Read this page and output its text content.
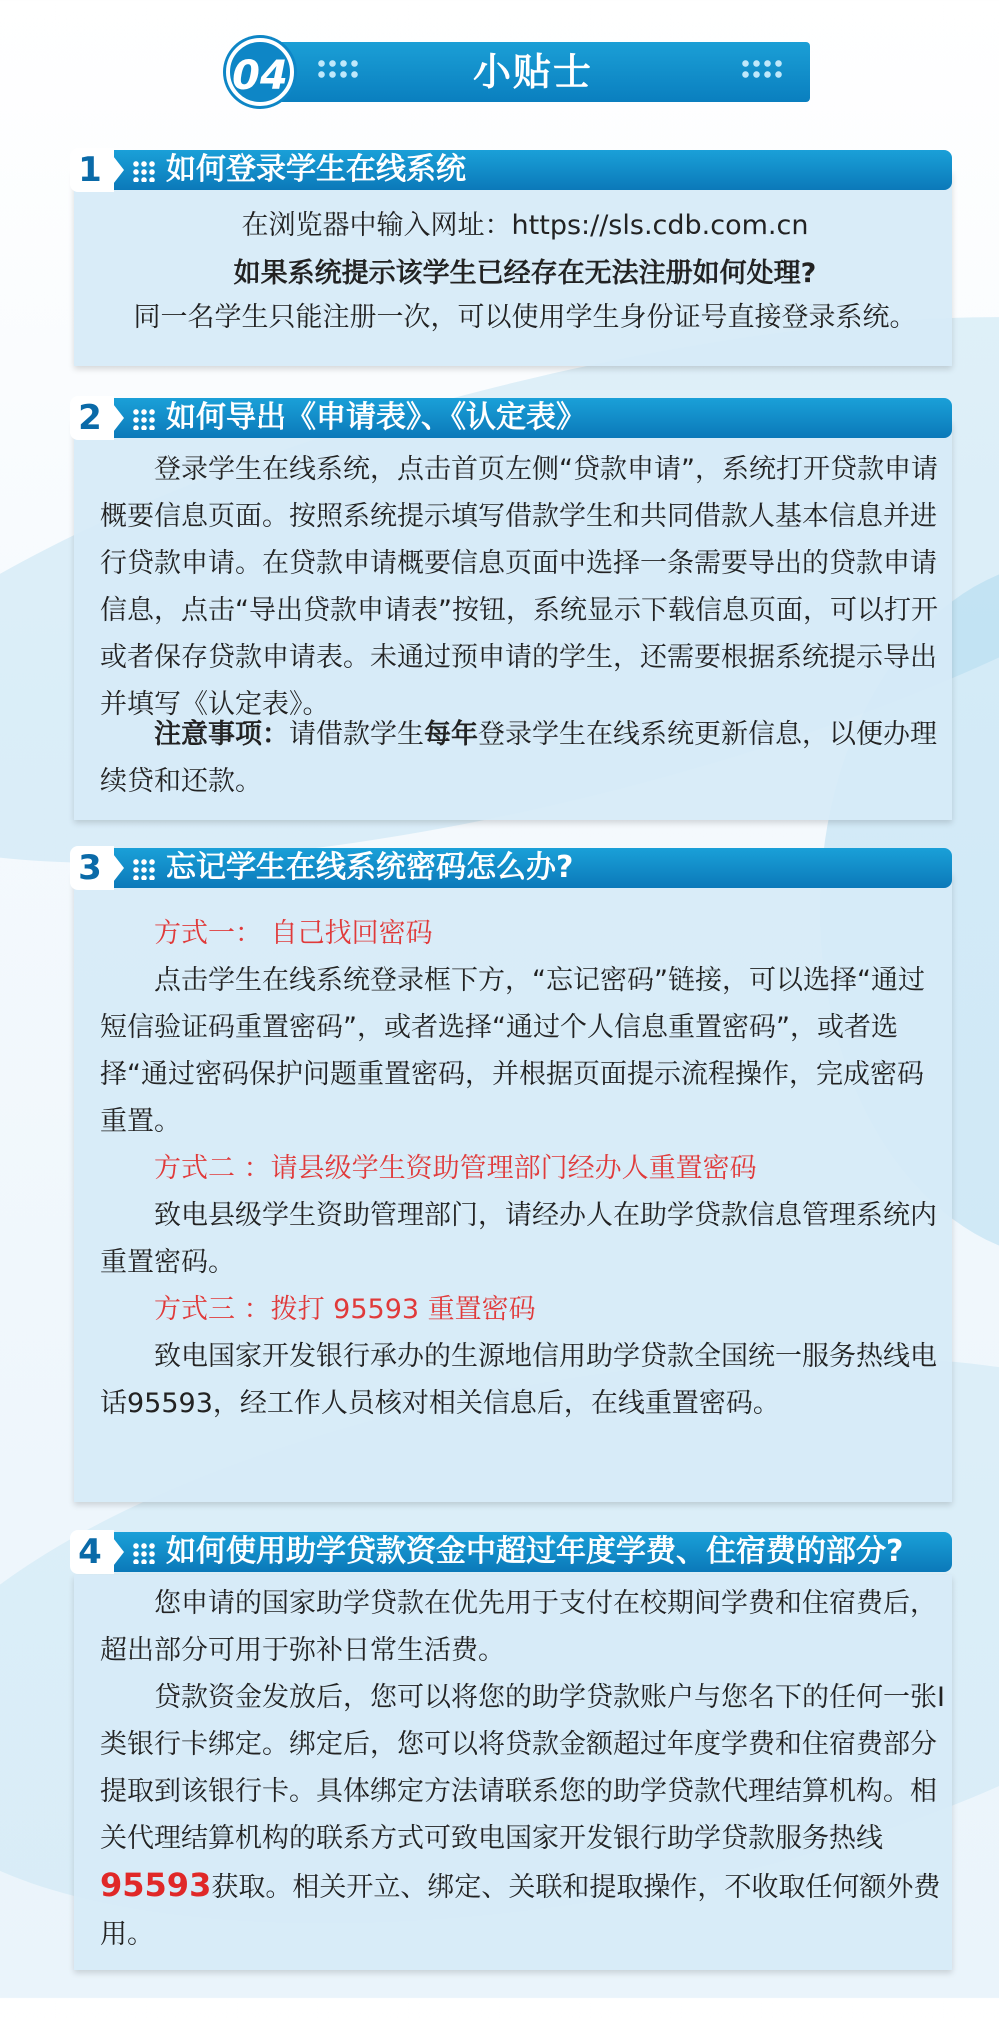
小贴士
04
1 如何登录学生在线系统
在浏览器中输入网址：https://sls.cdb.com.cn
如果系统提示该学生已经存在无法注册如何处理?
同一名学生只能注册一次，可以使用学生身份证号直接登录系统。
2 如何导出《申请表》、《认定表》
登录学生在线系统，点击首页左侧“贷款申请”，系统打开贷款申请概要信息页面。按照系统提示填写借款学生和共同借款人基本信息并进行贷款申请。在贷款申请概要信息页面中选择一条需要导出的贷款申请信息，点击“导出贷款申请表”按钮，系统显示下载信息页面，可以打开或者保存贷款申请表。未通过预申请的学生，还需要根据系统提示导出并填写《认定表》。
注意事项：请借款学生每年登录学生在线系统更新信息，以便办理续贷和还款。
3 忘记学生在线系统密码怎么办?
方式一： 自己找回密码
点击学生在线系统登录框下方，“忘记密码”链接，可以选择“通过短信验证码重置密码”，或者选择“通过个人信息重置密码”，或者选择“通过密码保护问题重置密码，并根据页面提示流程操作，完成密码重置。
方式二 ：请县级学生资助管理部门经办人重置密码
致电县级学生资助管理部门，请经办人在助学贷款信息管理系统内重置密码。
方式三 ：拨打 95593 重置密码
致电国家开发银行承办的生源地信用助学贷款全国统一服务热线电话95593，经工作人员核对相关信息后，在线重置密码。
4 如何使用助学贷款资金中超过年度学费、住宿费的部分?
您申请的国家助学贷款在优先用于支付在校期间学费和住宿费后，超出部分可用于弥补日常生活费。
贷款资金发放后，您可以将您的助学贷款账户与您名下的任何一张Ⅰ类银行卡绑定。绑定后，您可以将贷款金额超过年度学费和住宿费部分提取到该银行卡。具体绑定方法请联系您的助学贷款代理结算机构。相关代理结算机构的联系方式可致电国家开发银行助学贷款服务热线95593获取。相关开立、绑定、关联和提取操作，不收取任何额外费用。
